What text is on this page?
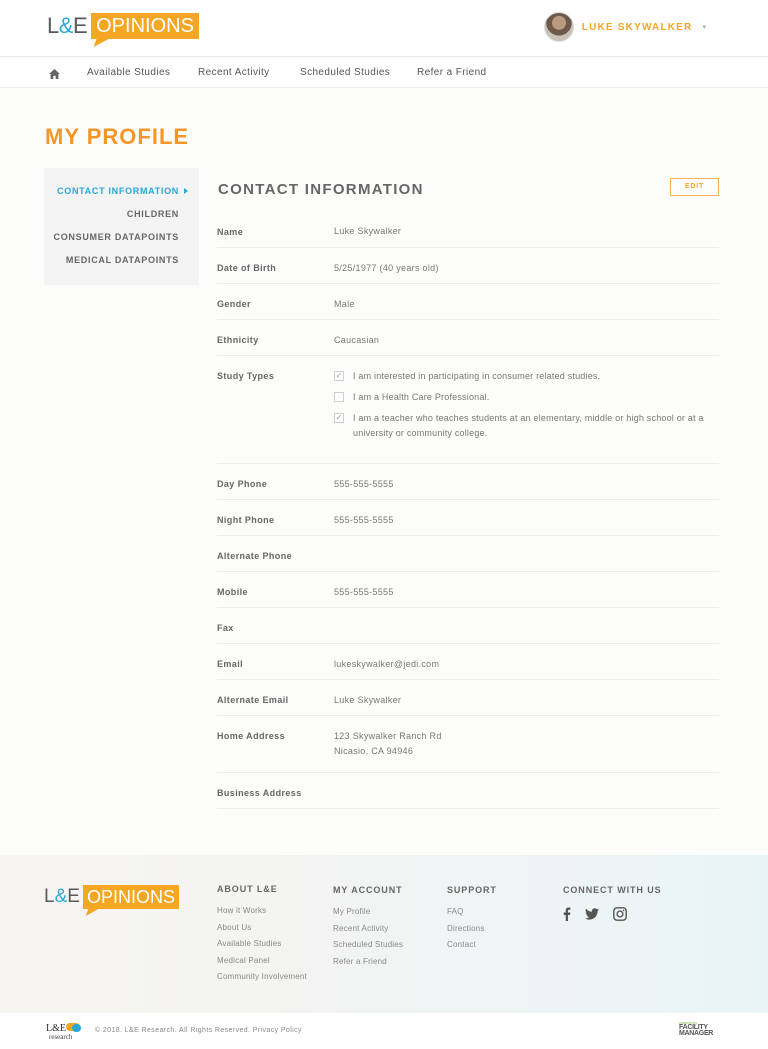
L&E OPINIONS	LUKE SKYWALKER ▾
Available Studies	Recent Activity	Scheduled Studies	Refer a Friend
MY PROFILE
CONTACT INFORMATION
CHILDREN
CONSUMER DATAPOINTS
MEDICAL DATAPOINTS
CONTACT INFORMATION	EDIT
Name	Luke Skywalker
Date of Birth	5/25/1977 (40 years old)
Gender	Male
Ethnicity	Caucasian
Study Types	✓ I am interested in participating in consumer related studies.
I am a Health Care Professional.
✓ I am a teacher who teaches students at an elementary, middle or high school or at a university or community college.
Day Phone	555-555-5555
Night Phone	555-555-5555
Alternate Phone
Mobile	555-555-5555
Fax
Email	lukeskywalker@jedi.com
Alternate Email	Luke Skywalker
Home Address	123 Skywalker Ranch Rd
Nicasio, CA 94946
Business Address
L&E OPINIONS	ABOUT L&E
How it Works
About Us
Available Studies
Medical Panel
Community Involvement
MY ACCOUNT
My Profile
Recent Activity
Scheduled Studies
Refer a Friend
SUPPORT
FAQ
Directions
Contact
CONNECT WITH US
L&E
research
© 2018. L&E Research. All Rights Reserved. Privacy Policy
powered by
FACILITY MANAGER
